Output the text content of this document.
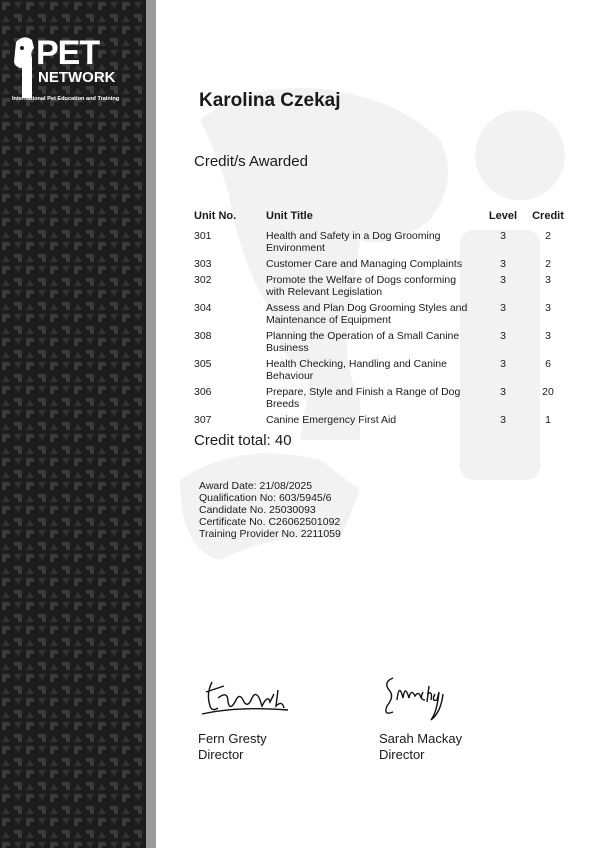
PET
NETWORK
International Pet Education and Training	Karolina Czekaj
Credit/s Awarded
Unit No.	Unit Title	Level	Credit
301	Health and Safety in a Dog Grooming
Environment	3	2
303	Customer Care and Managing Complaints	3	2
302	Promote the Welfare of Dogs conforming
with Relevant Legislation	3	3
304	Assess and Plan Dog Grooming Styles and
Maintenance of Equipment	3	3
308	Planning the Operation of a Small Canine
Business	3	3
305	Health Checking, Handling and Canine
Behaviour	3	6
306	Prepare, Style and Finish a Range of Dog
Breeds	3	20
307	Canine Emergency First Aid	3	1
Credit total: 40
Award Date: 21/08/2025
Qualification No: 603/5945/6
Candidate No. 25030093
Certificate No. C26062501092
Training Provider No. 2211059
Fern Gresty
Director
Sarah Mackay
Director
